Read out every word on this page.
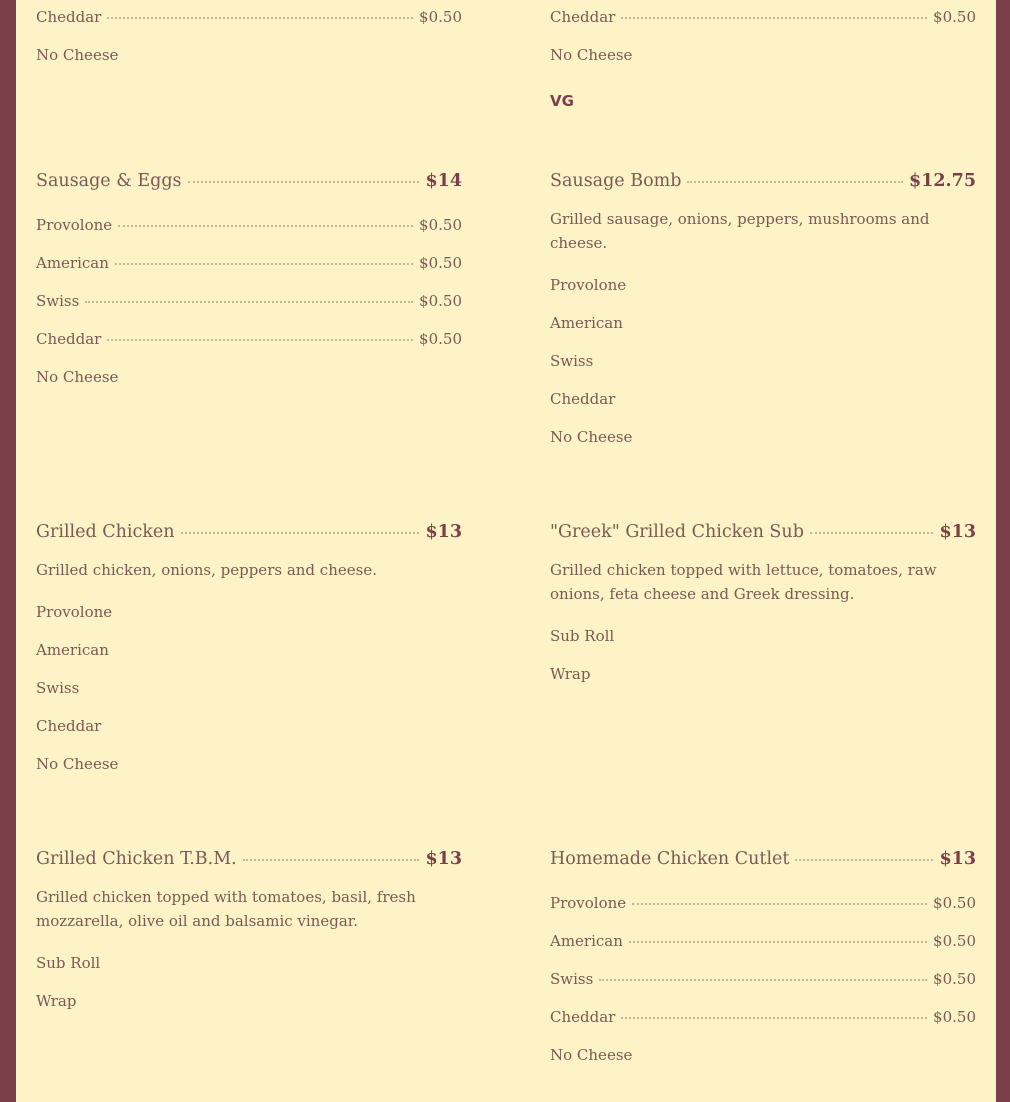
Cheddar	$0.50
No Cheese
Sausage & Eggs	$14
Provolone	$0.50
American	$0.50
Swiss	$0.50
Cheddar	$0.50
No Cheese
Grilled Chicken	$13
Grilled chicken, onions, peppers and cheese.
Provolone
American
Swiss
Cheddar
No Cheese
Grilled Chicken T.B.M.	$13
Grilled chicken topped with tomatoes, basil, fresh mozzarella, olive oil and balsamic vinegar.
Sub Roll
Wrap
Cheddar	$0.50
No Cheese
VG
Sausage Bomb	$12.75
Grilled sausage, onions, peppers, mushrooms and cheese.
Provolone
American
Swiss
Cheddar
No Cheese
"Greek" Grilled Chicken Sub	$13
Grilled chicken topped with lettuce, tomatoes, raw onions, feta cheese and Greek dressing.
Sub Roll
Wrap
Homemade Chicken Cutlet	$13
Provolone	$0.50
American	$0.50
Swiss	$0.50
Cheddar	$0.50
No Cheese
